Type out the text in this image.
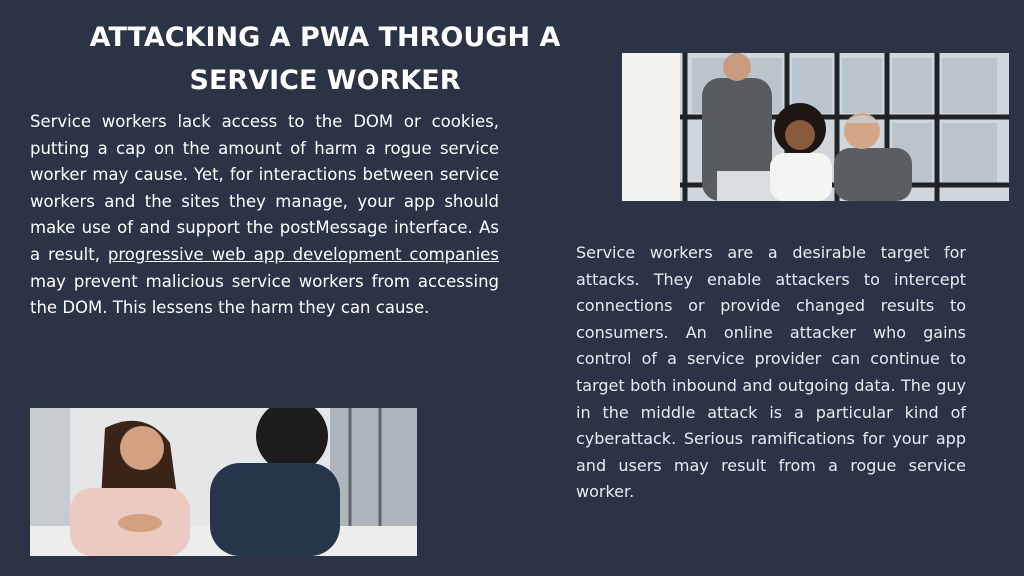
ATTACKING A PWA THROUGH A SERVICE WORKER

Service workers lack access to the DOM or cookies, putting a cap on the amount of harm a rogue service worker may cause. Yet, for interactions between service workers and the sites they manage, your app should make use of and support the postMessage interface. As a result, progressive web app development companies may prevent malicious service workers from accessing the DOM. This lessens the harm they can cause.

Service workers are a desirable target for attacks. They enable attackers to intercept connections or provide changed results to consumers. An online attacker who gains control of a service provider can continue to target both inbound and outgoing data. The guy in the middle attack is a particular kind of cyberattack. Serious ramifications for your app and users may result from a rogue service worker.
